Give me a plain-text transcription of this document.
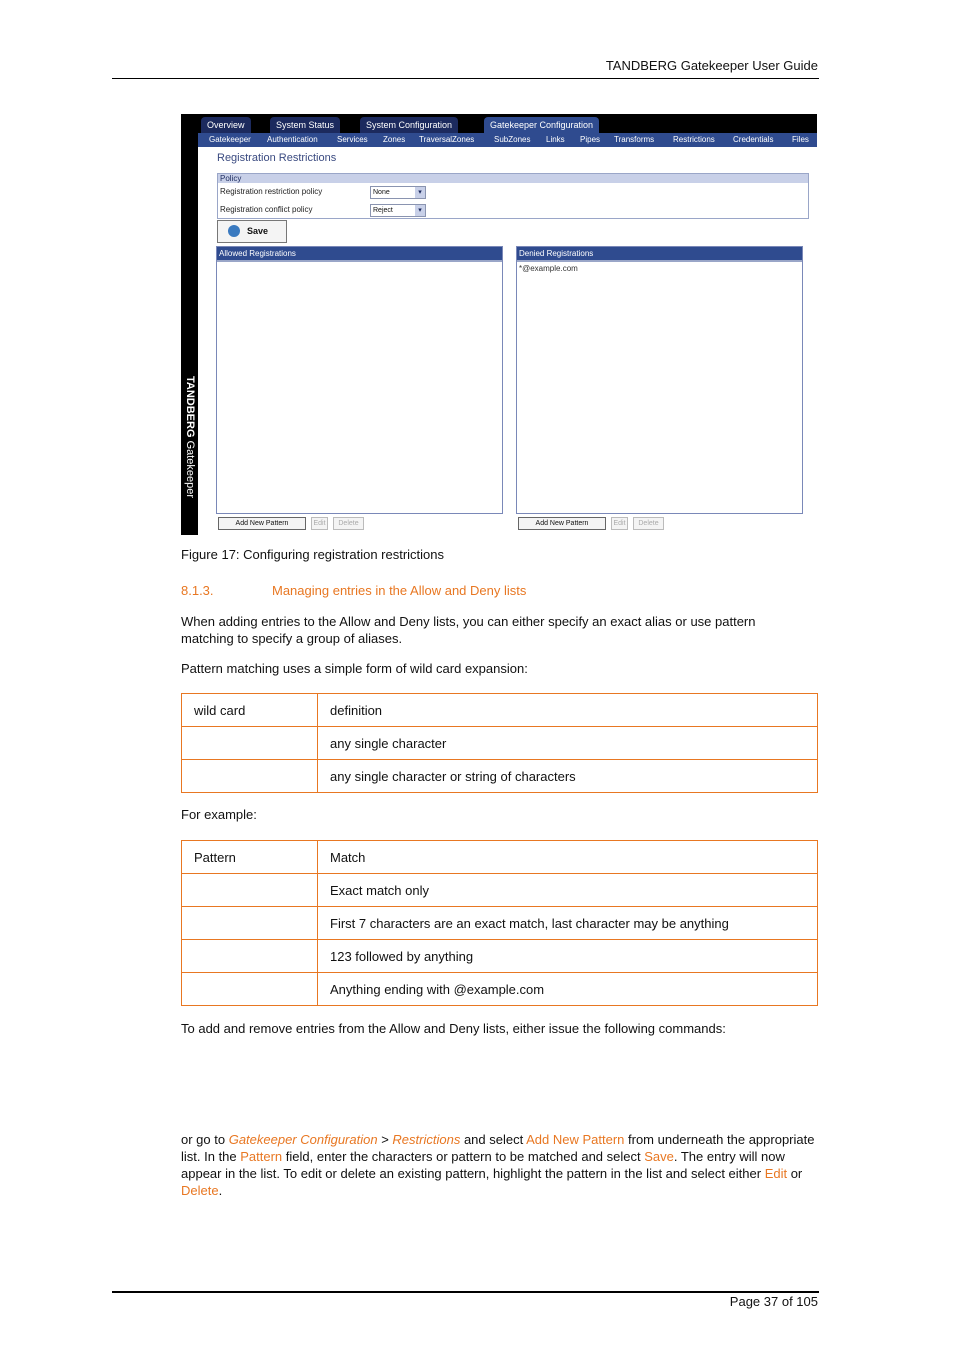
TANDBERG Gatekeeper User Guide
TANDBERG Gatekeeper
Overview	System Status	System Configuration	Gatekeeper Configuration
Gatekeeper Authentication Services Zones TraversalZones SubZones Links Pipes Transforms Restrictions Credentials Files
Registration Restrictions
Policy
Registration restriction policy	None	▾
Registration conflict policy	Reject	▾
Save
Allowed Registrations	Denied Registrations
*@example.com
Add New Pattern	Edit	Delete	Add New Pattern	Edit	Delete
Figure 17: Configuring registration restrictions
8.1.3.	Managing entries in the Allow and Deny lists
When adding entries to the Allow and Deny lists, you can either specify an exact alias or use pattern matching to specify a group of aliases.
Pattern matching uses a simple form of wild card expansion:
wild card	definition
	any single character
	any single character or string of characters
For example:
Pattern	Match
	Exact match only
	First 7 characters are an exact match, last character may be anything
	123 followed by anything
	Anything ending with @example.com
To add and remove entries from the Allow and Deny lists, either issue the following commands:
or go to Gatekeeper Configuration > Restrictions and select Add New Pattern from underneath the appropriate list. In the Pattern field, enter the characters or pattern to be matched and select Save. The entry will now appear in the list. To edit or delete an existing pattern, highlight the pattern in the list and select either Edit or Delete.
Page 37 of 105
